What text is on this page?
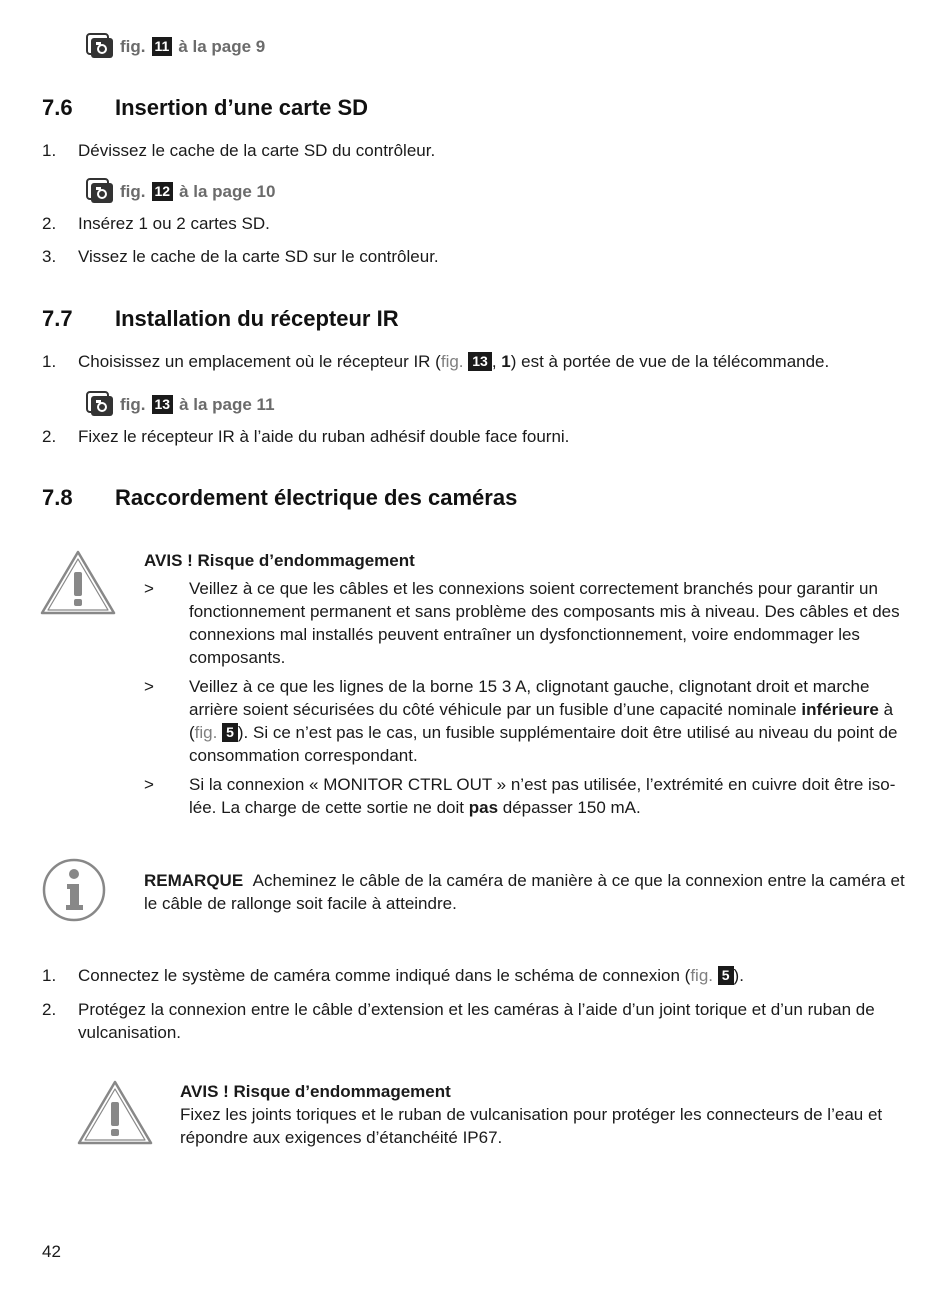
fig. 11 à la page 9
7.6 Insertion d’une carte SD
1. Dévissez le cache de la carte SD du contrôleur.
fig. 12 à la page 10
2. Insérez 1 ou 2 cartes SD.
3. Vissez le cache de la carte SD sur le contrôleur.
7.7 Installation du récepteur IR
1. Choisissez un emplacement où le récepteur IR (fig. 13 , 1) est à portée de vue de la télécommande.
fig. 13 à la page 11
2. Fixez le récepteur IR à l’aide du ruban adhésif double face fourni.
7.8 Raccordement électrique des caméras
AVIS ! Risque d’endommagement
> Veillez à ce que les câbles et les connexions soient correctement branchés pour garantir un fonctionnement permanent et sans problème des composants mis à niveau. Des câbles et des connexions mal installés peuvent entraîner un dysfonctionnement, voire endommager les composants.
> Veillez à ce que les lignes de la borne 15 3 A, clignotant gauche, clignotant droit et marche arrière soient sécurisées du côté véhicule par un fusible d’une capacité nominale inférieure à (fig. 5 ). Si ce n’est pas le cas, un fusible supplémentaire doit être utilisé au niveau du point de consommation correspondant.
> Si la connexion « MONITOR CTRL OUT » n’est pas utilisée, l’extrémité en cuivre doit être iso-lée. La charge de cette sortie ne doit pas dépasser 150 mA.
REMARQUE Acheminez le câble de la caméra de manière à ce que la connexion entre la caméra et le câble de rallonge soit facile à atteindre.
1. Connectez le système de caméra comme indiqué dans le schéma de connexion (fig. 5 ).
2. Protégez la connexion entre le câble d’extension et les caméras à l’aide d’un joint torique et d’un ruban de vulcanisation.
AVIS ! Risque d’endommagement
Fixez les joints toriques et le ruban de vulcanisation pour protéger les connecteurs de l’eau et répondre aux exigences d’étanchéité IP67.
42
